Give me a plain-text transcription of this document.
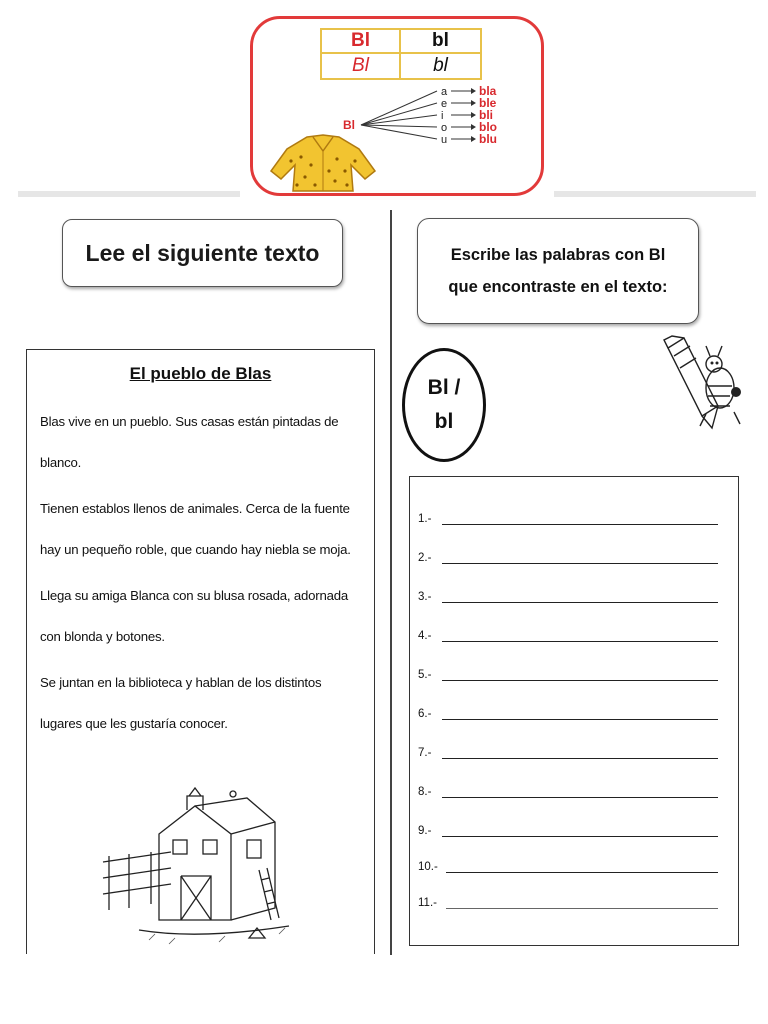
Bl	bl
Bl	bl
Bl
a
e
i
o
u
bla
ble
bli
blo
blu
Lee el siguiente texto
El pueblo de Blas
Blas vive en un pueblo. Sus casas están pintadas de blanco.
Tienen establos llenos de animales. Cerca de la fuente hay un pequeño roble, que cuando hay niebla se moja.
Llega su amiga Blanca con su blusa rosada, adornada con blonda y botones.
Se juntan en la biblioteca y hablan de los distintos lugares que les gustaría conocer.
Escribe las palabras con Bl que encontraste en el texto:
Bl /
bl
1.-
2.-
3.-
4.-
5.-
6.-
7.-
8.-
9.-
10.-
11.-
